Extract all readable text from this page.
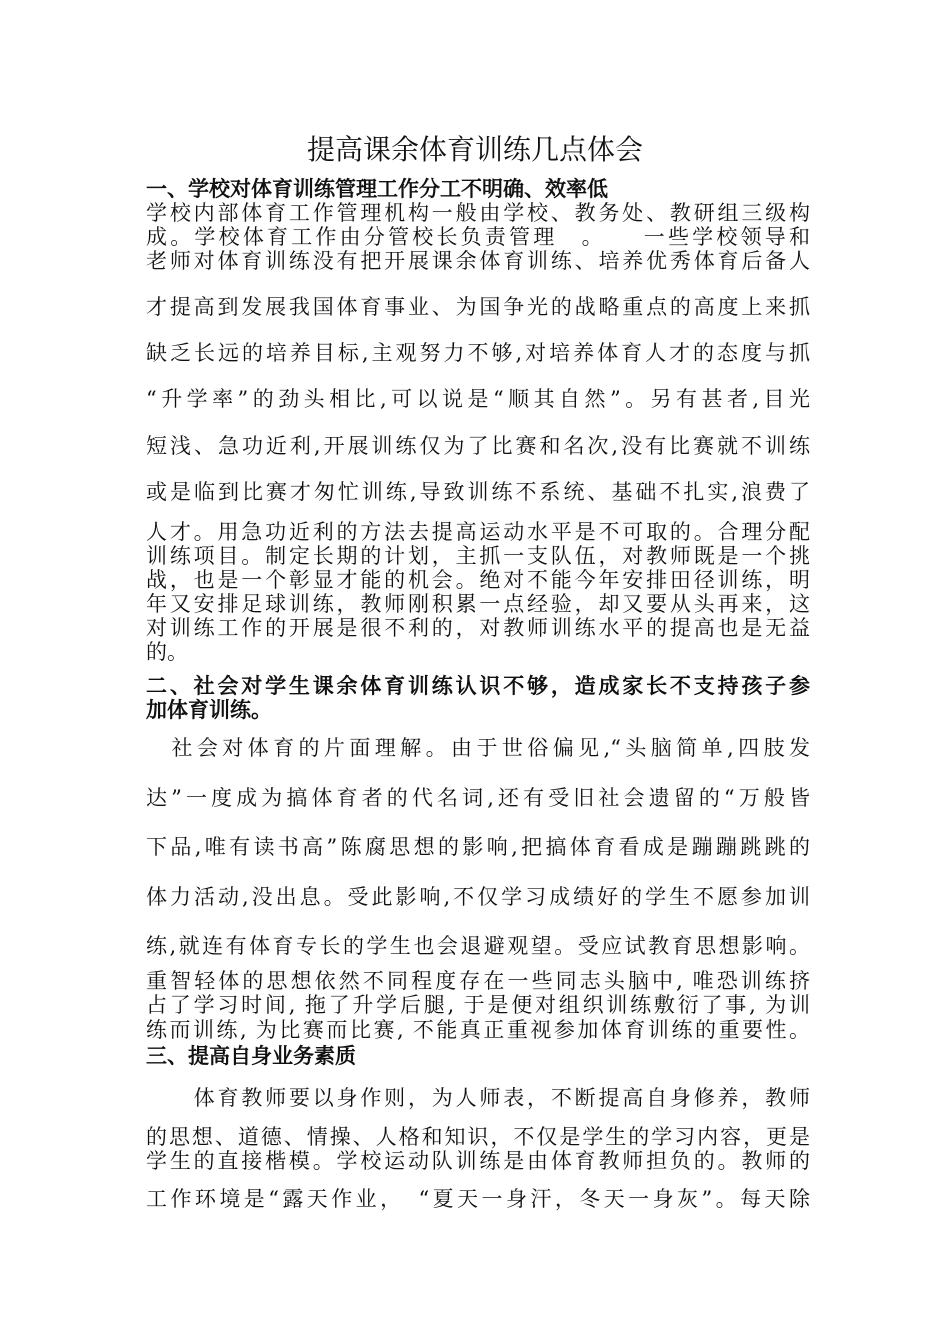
提高课余体育训练几点体会

一、学校对体育训练管理工作分工不明确、效率低

学校内部体育工作管理机构一般由学校、教务处、教研组三级构

成。学校体育工作由分管校长负责管理　。　　一些学校领导和

老师对体育训练没有把开展课余体育训练、培养优秀体育后备人

才提高到发展我国体育事业、为国争光的战略重点的高度上来抓

缺乏长远的培养目标,主观努力不够,对培养体育人才的态度与抓

“升学率”的劲头相比,可以说是“顺其自然”。另有甚者,目光

短浅、急功近利,开展训练仅为了比赛和名次,没有比赛就不训练

或是临到比赛才匆忙训练,导致训练不系统、基础不扎实,浪费了

人才。用急功近利的方法去提高运动水平是不可取的。合理分配

训练项目。制定长期的计划，主抓一支队伍，对教师既是一个挑

战，也是一个彰显才能的机会。绝对不能今年安排田径训练，明

年又安排足球训练，教师刚积累一点经验，却又要从头再来，这

对训练工作的开展是很不利的，对教师训练水平的提高也是无益

的。

二、社会对学生课余体育训练认识不够，造成家长不支持孩子参

加体育训练。

　社会对体育的片面理解。由于世俗偏见,“头脑简单,四肢发

达”一度成为搞体育者的代名词,还有受旧社会遗留的“万般皆

下品,唯有读书高”陈腐思想的影响,把搞体育看成是蹦蹦跳跳的

体力活动,没出息。受此影响,不仅学习成绩好的学生不愿参加训

练,就连有体育专长的学生也会退避观望。受应试教育思想影响。

重智轻体的思想依然不同程度存在一些同志头脑中, 唯恐训练挤

占了学习时间, 拖了升学后腿, 于是便对组织训练敷衍了事, 为训

练而训练, 为比赛而比赛, 不能真正重视参加体育训练的重要性。

三、提高自身业务素质

　　体育教师要以身作则，为人师表，不断提高自身修养，教师

的思想、道德、情操、人格和知识，不仅是学生的学习内容，更是

学生的直接楷模。学校运动队训练是由体育教师担负的。教师的

工作环境是“露天作业，　“夏天一身汗，冬天一身灰”。每天除
